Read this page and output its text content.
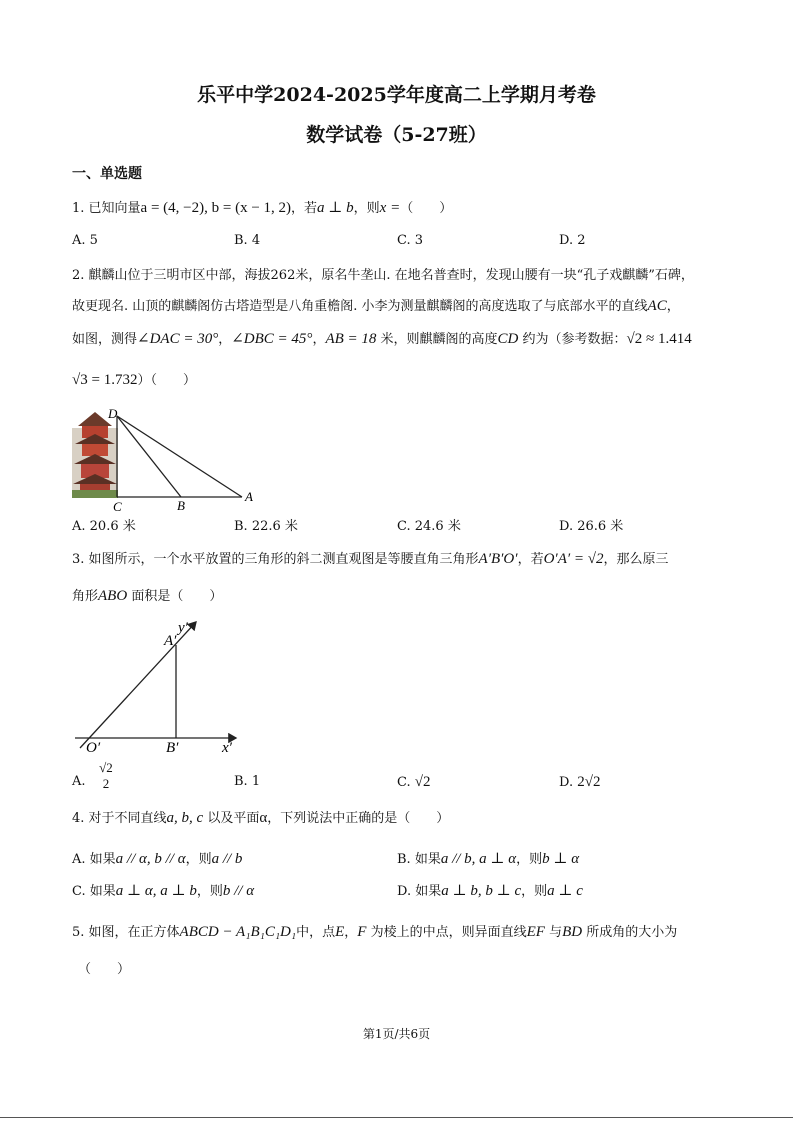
乐平中学2024-2025学年度高二上学期月考卷
数学试卷（5-27班）
一、单选题
1. 已知向量a = (4, −2), b = (x − 1, 2)，若a ⊥ b，则x =（　　）
A. 5	B. 4	C. 3	D. 2
2. 麒麟山位于三明市区中部，海拔262米，原名牛垄山. 在地名普查时，发现山腰有一块“孔子戏麒麟”石碑，
故更现名. 山顶的麒麟阁仿古塔造型是八角重檐阁. 小李为测量麒麟阁的高度选取了与底部水平的直线AC，
如图，测得∠DAC = 30°，∠DBC = 45°，AB = 18 米，则麒麟阁的高度CD 约为（参考数据：√2 ≈ 1.414
√3 = 1.732）（　　）
D
C	B
A
A. 20.6 米	B. 22.6 米	C. 24.6 米	D. 26.6 米
3. 如图所示，一个水平放置的三角形的斜二测直观图是等腰直角三角形A′B′O′，若O′A′ = √2，那么原三
角形ABO 面积是（　　）
A′
y′
O′	B′	x′
A.
√2
2	B. 1	C. √2	D. 2√2
4. 对于不同直线a, b, c 以及平面α，下列说法中正确的是（　　）
A. 如果a // α, b // α，则a // b	B. 如果a // b, a ⊥ α，则b ⊥ α
C. 如果a ⊥ α, a ⊥ b，则b // α	D. 如果a ⊥ b, b ⊥ c，则a ⊥ c
5. 如图，在正方体ABCD − A₁B₁C₁D₁中，点E，F 为棱上的中点，则异面直线EF 与BD 所成角的大小为
（　　）
第1页/共6页
